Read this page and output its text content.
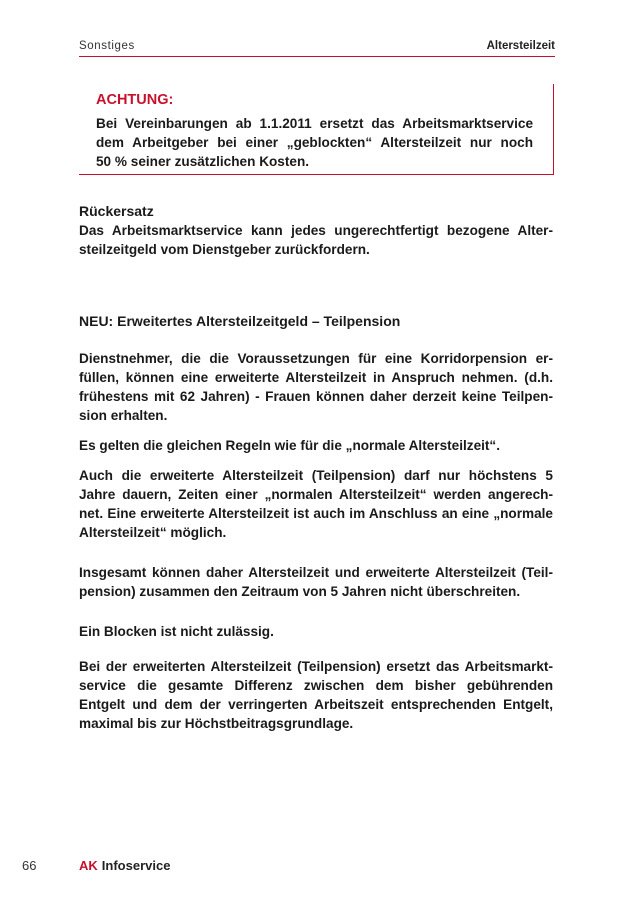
Sonstiges	Altersteilzeit
ACHTUNG:
Bei Vereinbarungen ab 1.1.2011 ersetzt das Arbeitsmarktservice
dem Arbeitgeber bei einer „geblockten“ Altersteilzeit nur noch
50 % seiner zusätzlichen Kosten.
Rückersatz
Das Arbeitsmarktservice kann jedes ungerechtfertigt bezogene Alter-
steilzeitgeld vom Dienstgeber zurückfordern.
NEU: Erweitertes Altersteilzeitgeld – Teilpension
Dienstnehmer, die die Voraussetzungen für eine Korridorpension er-
füllen, können eine erweiterte Altersteilzeit in Anspruch nehmen. (d.h.
frühestens mit 62 Jahren) - Frauen können daher derzeit keine Teilpen-
sion erhalten.
Es gelten die gleichen Regeln wie für die „normale Altersteilzeit“.
Auch die erweiterte Altersteilzeit (Teilpension) darf nur höchstens 5
Jahre dauern, Zeiten einer „normalen Altersteilzeit“ werden angerech-
net. Eine erweiterte Altersteilzeit ist auch im Anschluss an eine „normale
Altersteilzeit“ möglich.
Insgesamt können daher Altersteilzeit und erweiterte Altersteilzeit (Teil-
pension) zusammen den Zeitraum von 5 Jahren nicht überschreiten.
Ein Blocken ist nicht zulässig.
Bei der erweiterten Altersteilzeit (Teilpension) ersetzt das Arbeitsmarkt-
service die gesamte Differenz zwischen dem bisher gebührenden
Entgelt und dem der verringerten Arbeitszeit entsprechenden Entgelt,
maximal bis zur Höchstbeitragsgrundlage.
66	AK Infoservice
